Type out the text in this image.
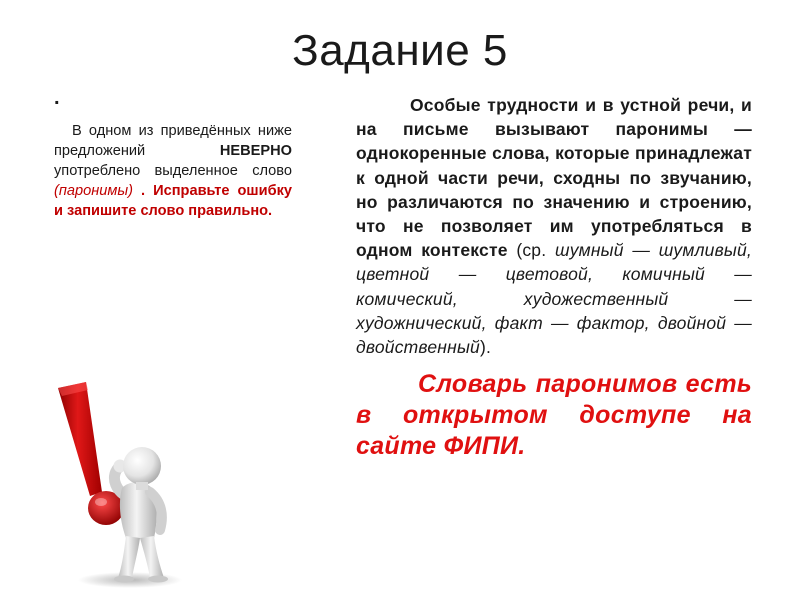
Задание 5
.

В одном из приведённых ниже предложений	НЕВЕРНО употреблено выделенное слово (паронимы) . Исправьте ошибку и запишите слово правильно.

Особые трудности и в устной речи, и на письме вызывают паронимы — однокоренные слова, которые принадлежат к одной части речи, сходны по звучанию, но различаются по значению и строению, что не позволяет им употребляться в одном контексте (ср. шумный — шумливый, цветной — цветовой, комичный — комический, художественный — художнический, факт — фактор, двойной — двойственный).

Словарь паронимов есть в открытом доступе на сайте ФИПИ.
